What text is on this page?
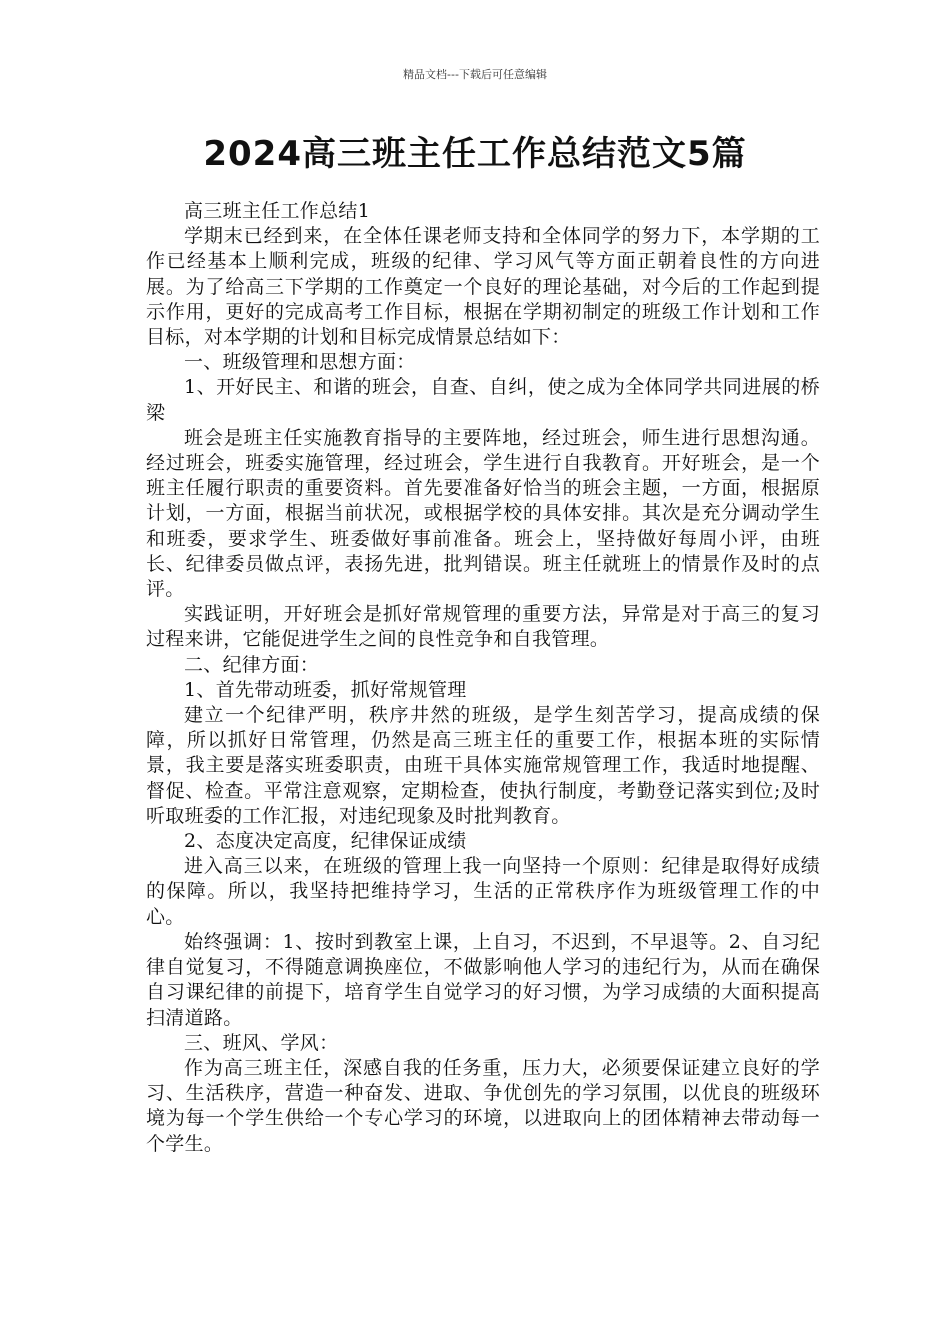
精品文档---下载后可任意编辑
2024高三班主任工作总结范文5篇

高三班主任工作总结1

学期末已经到来，在全体任课老师支持和全体同学的努力下，本学期的工作已经基本上顺利完成，班级的纪律、学习风气等方面正朝着良性的方向进展。为了给高三下学期的工作奠定一个良好的理论基础，对今后的工作起到提示作用，更好的完成高考工作目标，根据在学期初制定的班级工作计划和工作目标，对本学期的计划和目标完成情景总结如下：

一、班级管理和思想方面：

1、开好民主、和谐的班会，自查、自纠，使之成为全体同学共同进展的桥梁

班会是班主任实施教育指导的主要阵地，经过班会，师生进行思想沟通。经过班会，班委实施管理，经过班会，学生进行自我教育。开好班会，是一个班主任履行职责的重要资料。首先要准备好恰当的班会主题，一方面，根据原计划，一方面，根据当前状况，或根据学校的具体安排。其次是充分调动学生和班委，要求学生、班委做好事前准备。班会上，坚持做好每周小评，由班长、纪律委员做点评，表扬先进，批判错误。班主任就班上的情景作及时的点评。

实践证明，开好班会是抓好常规管理的重要方法，异常是对于高三的复习过程来讲，它能促进学生之间的良性竞争和自我管理。

二、纪律方面：

1、首先带动班委，抓好常规管理

建立一个纪律严明，秩序井然的班级，是学生刻苦学习，提高成绩的保障，所以抓好日常管理，仍然是高三班主任的重要工作，根据本班的实际情景，我主要是落实班委职责，由班干具体实施常规管理工作，我适时地提醒、督促、检查。平常注意观察，定期检查，使执行制度，考勤登记落实到位;及时听取班委的工作汇报，对违纪现象及时批判教育。

2、态度决定高度，纪律保证成绩

进入高三以来，在班级的管理上我一向坚持一个原则：纪律是取得好成绩的保障。所以，我坚持把维持学习，生活的正常秩序作为班级管理工作的中心。

始终强调：1、按时到教室上课，上自习，不迟到，不早退等。2、自习纪律自觉复习，不得随意调换座位，不做影响他人学习的违纪行为，从而在确保自习课纪律的前提下，培育学生自觉学习的好习惯，为学习成绩的大面积提高扫清道路。

三、班风、学风：

作为高三班主任，深感自我的任务重，压力大，必须要保证建立良好的学习、生活秩序，营造一种奋发、进取、争优创先的学习氛围，以优良的班级环境为每一个学生供给一个专心学习的环境，以进取向上的团体精神去带动每一个学生。
